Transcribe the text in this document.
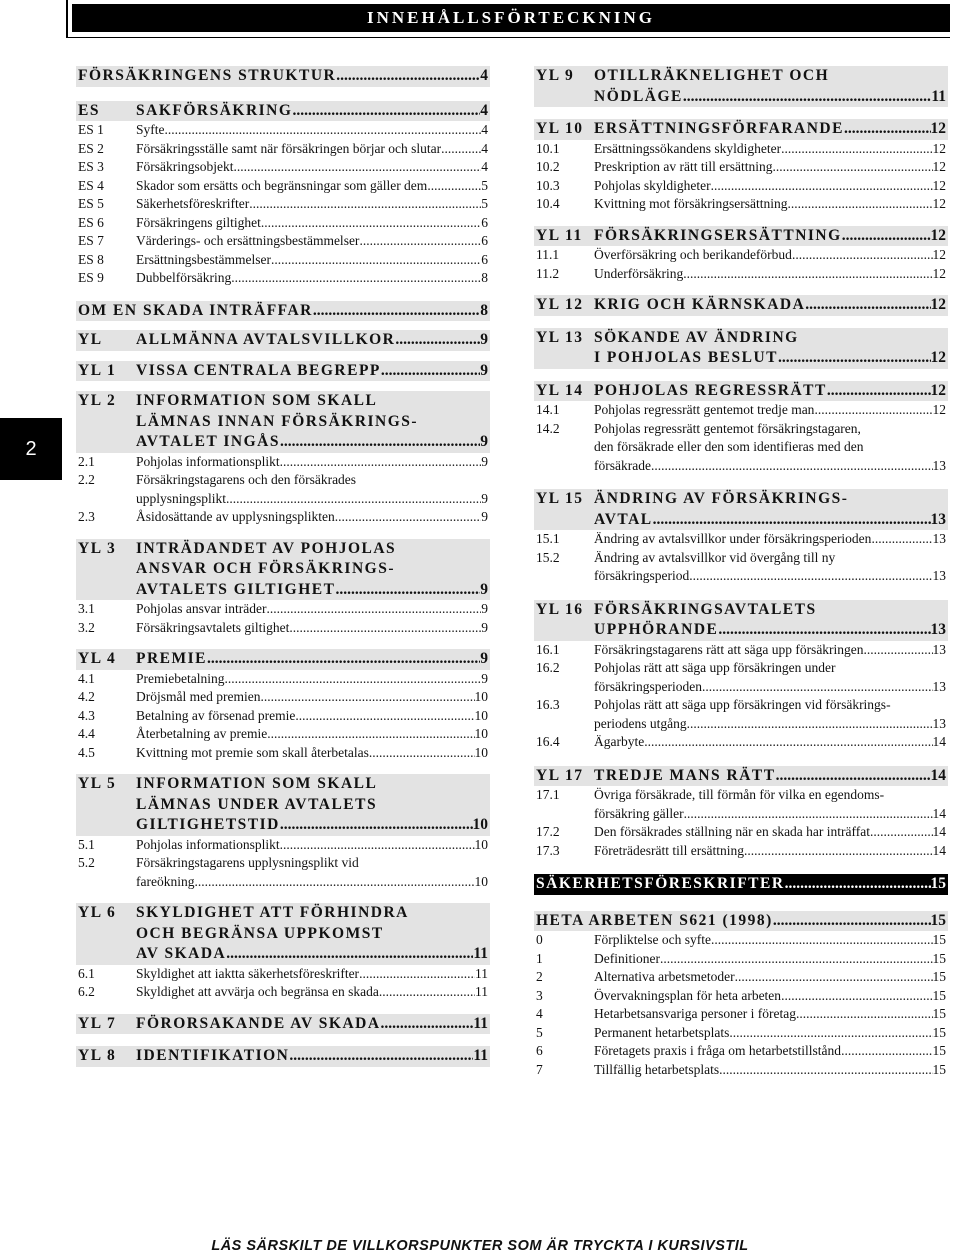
INNEHÅLLSFÖRTECKNING
2
FÖRSÄKRINGENS STRUKTUR .....	4
ES	SAKFÖRSÄKRING .....	4
ES 1	Syfte .....	4
ES 2	Försäkringsställe samt när försäkringen börjar och slutar .....	4
ES 3	Försäkringsobjekt .....	4
ES 4	Skador som ersätts och begränsningar som gäller dem .....	5
ES 5	Säkerhetsföreskrifter .....	5
ES 6	Försäkringens giltighet .....	6
ES 7	Värderings- och ersättningsbestämmelser .....	6
ES 8	Ersättningsbestämmelser .....	6
ES 9	Dubbelförsäkring .....	8
OM EN SKADA INTRÄFFAR .....	8
YL	ALLMÄNNA AVTALSVILLKOR .....	9
YL 1	VISSA CENTRALA BEGREPP .....	9
YL 2	INFORMATION SOM SKALL
LÄMNAS INNAN FÖRSÄKRINGS-
AVTALET INGÅS .....	9
2.1	Pohjolas informationsplikt .....	9
2.2	Försäkringstagarens och den försäkrades
upplysningsplikt .....	9
2.3	Åsidosättande av upplysningsplikten .....	9
YL 3	INTRÄDANDET AV POHJOLAS
ANSVAR OCH FÖRSÄKRINGS-
AVTALETS GILTIGHET .....	9
3.1	Pohjolas ansvar inträder .....	9
3.2	Försäkringsavtalets giltighet .....	9
YL 4	PREMIE .....	9
4.1	Premiebetalning .....	9
4.2	Dröjsmål med premien .....	10
4.3	Betalning av försenad premie .....	10
4.4	Återbetalning av premie .....	10
4.5	Kvittning mot premie som skall återbetalas .....	10
YL 5	INFORMATION SOM SKALL
LÄMNAS UNDER AVTALETS
GILTIGHETSTID .....	10
5.1	Pohjolas informationsplikt .....	10
5.2	Försäkringstagarens upplysningsplikt vid
fareökning .....	10
YL 6	SKYLDIGHET ATT FÖRHINDRA
OCH BEGRÄNSA UPPKOMST
AV SKADA .....	11
6.1	Skyldighet att iaktta säkerhetsföreskrifter .....	11
6.2	Skyldighet att avvärja och begränsa en skada .....	11
YL 7	FÖRORSAKANDE AV SKADA .....	11
YL 8	IDENTIFIKATION .....	11
YL 9	OTILLRÄKNELIGHET OCH
NÖDLÄGE .....	11
YL 10 ERSÄTTNINGSFÖRFARANDE .....	12
10.1	Ersättningssökandens skyldigheter .....	12
10.2	Preskription av rätt till ersättning .....	12
10.3	Pohjolas skyldigheter .....	12
10.4	Kvittning mot försäkringsersättning .....	12
YL 11 FÖRSÄKRINGSERSÄTTNING .....	12
11.1	Överförsäkring och berikandeförbud .....	12
11.2	Underförsäkring .....	12
YL 12 KRIG OCH KÄRNSKADA .....	12
YL 13 SÖKANDE AV ÄNDRING
I POHJOLAS BESLUT .....	12
YL 14 POHJOLAS REGRESSRÄTT .....	12
14.1	Pohjolas regressrätt gentemot tredje man .....	12
14.2	Pohjolas regressrätt gentemot försäkringstagaren,
den försäkrade eller den som identifieras med den
försäkrade .....	13
YL 15 ÄNDRING AV FÖRSÄKRINGS-
AVTAL .....	13
15.1	Ändring av avtalsvillkor under försäkringsperioden .....	13
15.2	Ändring av avtalsvillkor vid övergång till ny
försäkringsperiod .....	13
YL 16 FÖRSÄKRINGSAVTALETS
UPPHÖRANDE .....	13
16.1	Försäkringstagarens rätt att säga upp försäkringen .....	13
16.2	Pohjolas rätt att säga upp försäkringen under
försäkringsperioden .....	13
16.3	Pohjolas rätt att säga upp försäkringen vid försäkrings-
periodens utgång .....	13
16.4	Ägarbyte .....	14
YL 17 TREDJE MANS RÄTT .....	14
17.1	Övriga försäkrade, till förmån för vilka en egendoms-
försäkring gäller .....	14
17.2	Den försäkrades ställning när en skada har inträffat .....	14
17.3	Företrädesrätt till ersättning .....	14
SÄKERHETSFÖRESKRIFTER .....	15
HETA ARBETEN S621 (1998) .....	15
0	Förpliktelse och syfte .....	15
1	Definitioner .....	15
2	Alternativa arbetsmetoder .....	15
3	Övervakningsplan för heta arbeten .....	15
4	Hetarbetsansvariga personer i företag .....	15
5	Permanent hetarbetsplats .....	15
6	Företagets praxis i fråga om hetarbetstillstånd .....	15
7	Tillfällig hetarbetsplats .....	15
LÄS SÄRSKILT DE VILLKORSPUNKTER SOM ÄR TRYCKTA I KURSIVSTIL
